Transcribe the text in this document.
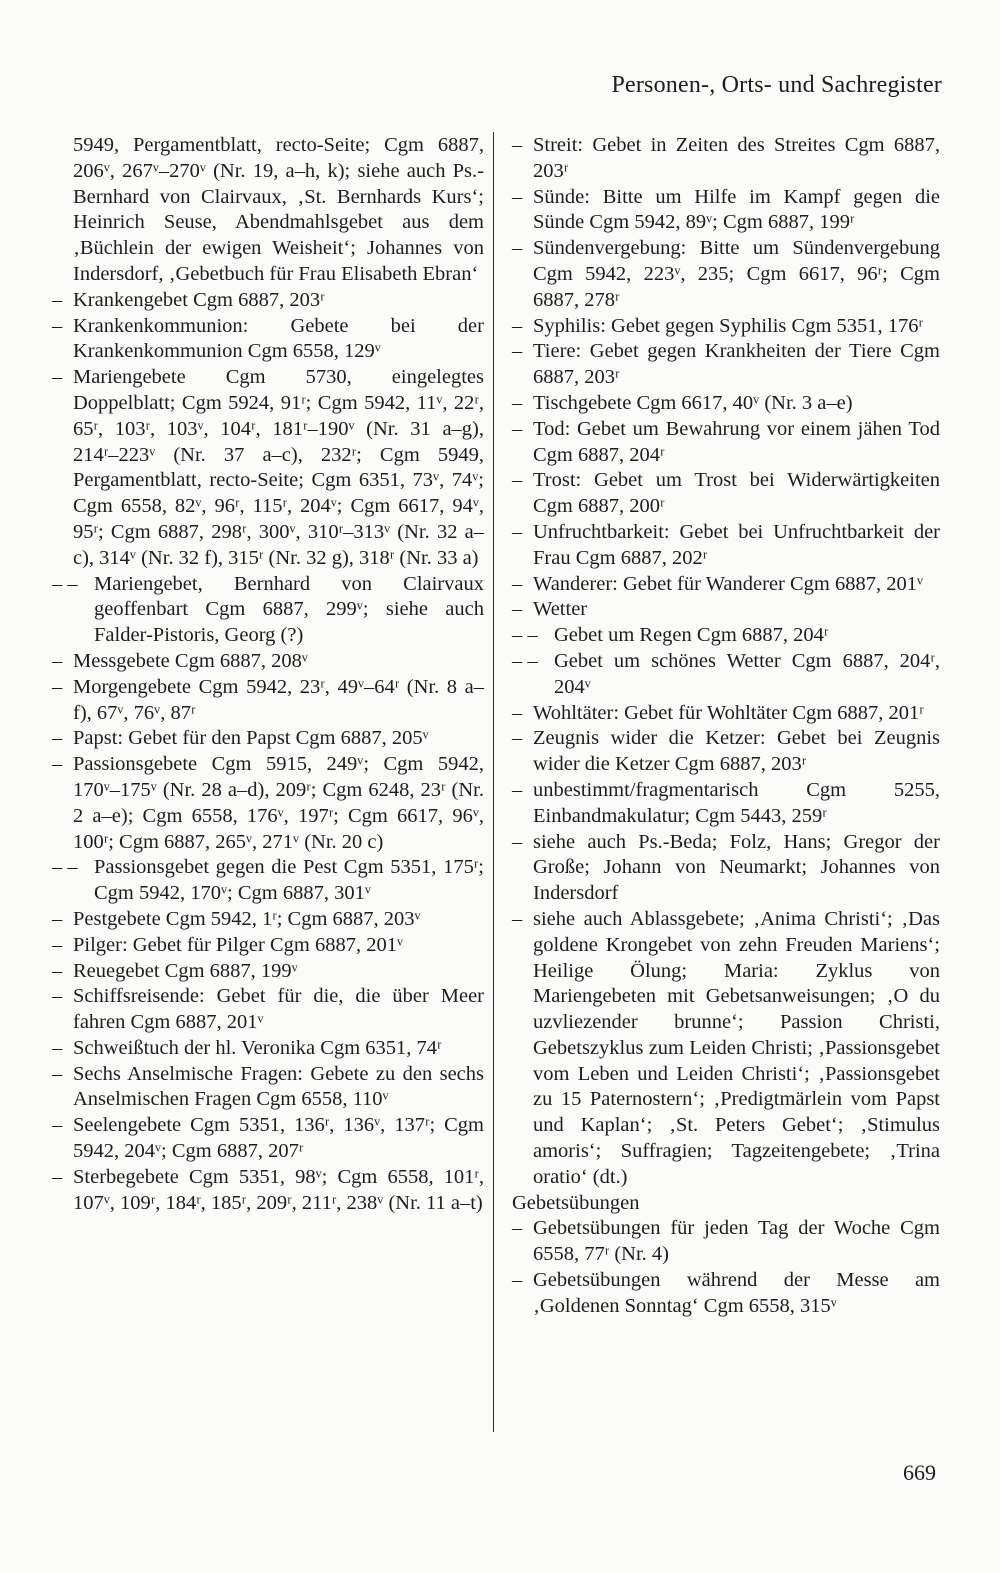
Personen-, Orts- und Sachregister
5949, Pergamentblatt, recto-Seite; Cgm 6887, 206ᵛ, 267ᵛ–270ᵛ (Nr. 19, a–h, k); siehe auch Ps.-Bernhard von Clairvaux, ‚St. Bernhards Kurs‘; Heinrich Seuse, Abendmahlsgebet aus dem ‚Büchlein der ewigen Weisheit‘; Johannes von Indersdorf, ‚Gebetbuch für Frau Elisabeth Ebran‘
– Krankengebet Cgm 6887, 203ʳ
– Krankenkommunion: Gebete bei der Krankenkommunion Cgm 6558, 129ᵛ
– Mariengebete Cgm 5730, eingelegtes Doppelblatt; Cgm 5924, 91ʳ; Cgm 5942, 11ᵛ, 22ʳ, 65ʳ, 103ʳ, 103ᵛ, 104ʳ, 181ʳ–190ᵛ (Nr. 31 a–g), 214ʳ–223ᵛ (Nr. 37 a–c), 232ʳ; Cgm 5949, Pergamentblatt, recto-Seite; Cgm 6351, 73ᵛ, 74ᵛ; Cgm 6558, 82ᵛ, 96ʳ, 115ʳ, 204ᵛ; Cgm 6617, 94ᵛ, 95ʳ; Cgm 6887, 298ʳ, 300ᵛ, 310ʳ–313ᵛ (Nr. 32 a–c), 314ᵛ (Nr. 32 f), 315ʳ (Nr. 32 g), 318ʳ (Nr. 33 a)
– – Mariengebet, Bernhard von Clairvaux geoffenbart Cgm 6887, 299ᵛ; siehe auch Falder-Pistoris, Georg (?)
– Messgebete Cgm 6887, 208ᵛ
– Morgengebete Cgm 5942, 23ʳ, 49ᵛ–64ʳ (Nr. 8 a–f), 67ᵛ, 76ᵛ, 87ʳ
– Papst: Gebet für den Papst Cgm 6887, 205ᵛ
– Passionsgebete Cgm 5915, 249ᵛ; Cgm 5942, 170ᵛ–175ᵛ (Nr. 28 a–d), 209ʳ; Cgm 6248, 23ʳ (Nr. 2 a–e); Cgm 6558, 176ᵛ, 197ʳ; Cgm 6617, 96ᵛ, 100ʳ; Cgm 6887, 265ᵛ, 271ᵛ (Nr. 20 c)
– – Passionsgebet gegen die Pest Cgm 5351, 175ʳ; Cgm 5942, 170ᵛ; Cgm 6887, 301ᵛ
– Pestgebete Cgm 5942, 1ʳ; Cgm 6887, 203ᵛ
– Pilger: Gebet für Pilger Cgm 6887, 201ᵛ
– Reuegebet Cgm 6887, 199ᵛ
– Schiffsreisende: Gebet für die, die über Meer fahren Cgm 6887, 201ᵛ
– Schweißtuch der hl. Veronika Cgm 6351, 74ʳ
– Sechs Anselmische Fragen: Gebete zu den sechs Anselmischen Fragen Cgm 6558, 110ᵛ
– Seelengebete Cgm 5351, 136ʳ, 136ᵛ, 137ʳ; Cgm 5942, 204ᵛ; Cgm 6887, 207ʳ
– Sterbegebete Cgm 5351, 98ᵛ; Cgm 6558, 101ʳ, 107ᵛ, 109ʳ, 184ʳ, 185ʳ, 209ʳ, 211ʳ, 238ᵛ (Nr. 11 a–t)
– Streit: Gebet in Zeiten des Streites Cgm 6887, 203ʳ
– Sünde: Bitte um Hilfe im Kampf gegen die Sünde Cgm 5942, 89ᵛ; Cgm 6887, 199ʳ
– Sündenvergebung: Bitte um Sündenvergebung Cgm 5942, 223ᵛ, 235; Cgm 6617, 96ʳ; Cgm 6887, 278ʳ
– Syphilis: Gebet gegen Syphilis Cgm 5351, 176ʳ
– Tiere: Gebet gegen Krankheiten der Tiere Cgm 6887, 203ʳ
– Tischgebete Cgm 6617, 40ᵛ (Nr. 3 a–e)
– Tod: Gebet um Bewahrung vor einem jähen Tod Cgm 6887, 204ʳ
– Trost: Gebet um Trost bei Widerwärtigkeiten Cgm 6887, 200ʳ
– Unfruchtbarkeit: Gebet bei Unfruchtbarkeit der Frau Cgm 6887, 202ʳ
– Wanderer: Gebet für Wanderer Cgm 6887, 201ᵛ
– Wetter
– – Gebet um Regen Cgm 6887, 204ʳ
– – Gebet um schönes Wetter Cgm 6887, 204ʳ, 204ᵛ
– Wohltäter: Gebet für Wohltäter Cgm 6887, 201ʳ
– Zeugnis wider die Ketzer: Gebet bei Zeugnis wider die Ketzer Cgm 6887, 203ʳ
– unbestimmt/fragmentarisch Cgm 5255, Einbandmakulatur; Cgm 5443, 259ʳ
– siehe auch Ps.-Beda; Folz, Hans; Gregor der Große; Johann von Neumarkt; Johannes von Indersdorf
– siehe auch Ablassgebete; ‚Anima Christi‘; ‚Das goldene Krongebet von zehn Freuden Mariens‘; Heilige Ölung; Maria: Zyklus von Mariengebeten mit Gebetsanweisungen; ‚O du uzvliezender brunne‘; Passion Christi, Gebetszyklus zum Leiden Christi; ‚Passionsgebet vom Leben und Leiden Christi‘; ‚Passionsgebet zu 15 Paternostern‘; ‚Predigtmärlein vom Papst und Kaplan‘; ‚St. Peters Gebet‘; ‚Stimulus amoris‘; Suffragien; Tagzeitengebete; ‚Trina oratio‘ (dt.)
Gebetsübungen
– Gebetsübungen für jeden Tag der Woche Cgm 6558, 77ʳ (Nr. 4)
– Gebetsübungen während der Messe am ‚Goldenen Sonntag‘ Cgm 6558, 315ᵛ
669
